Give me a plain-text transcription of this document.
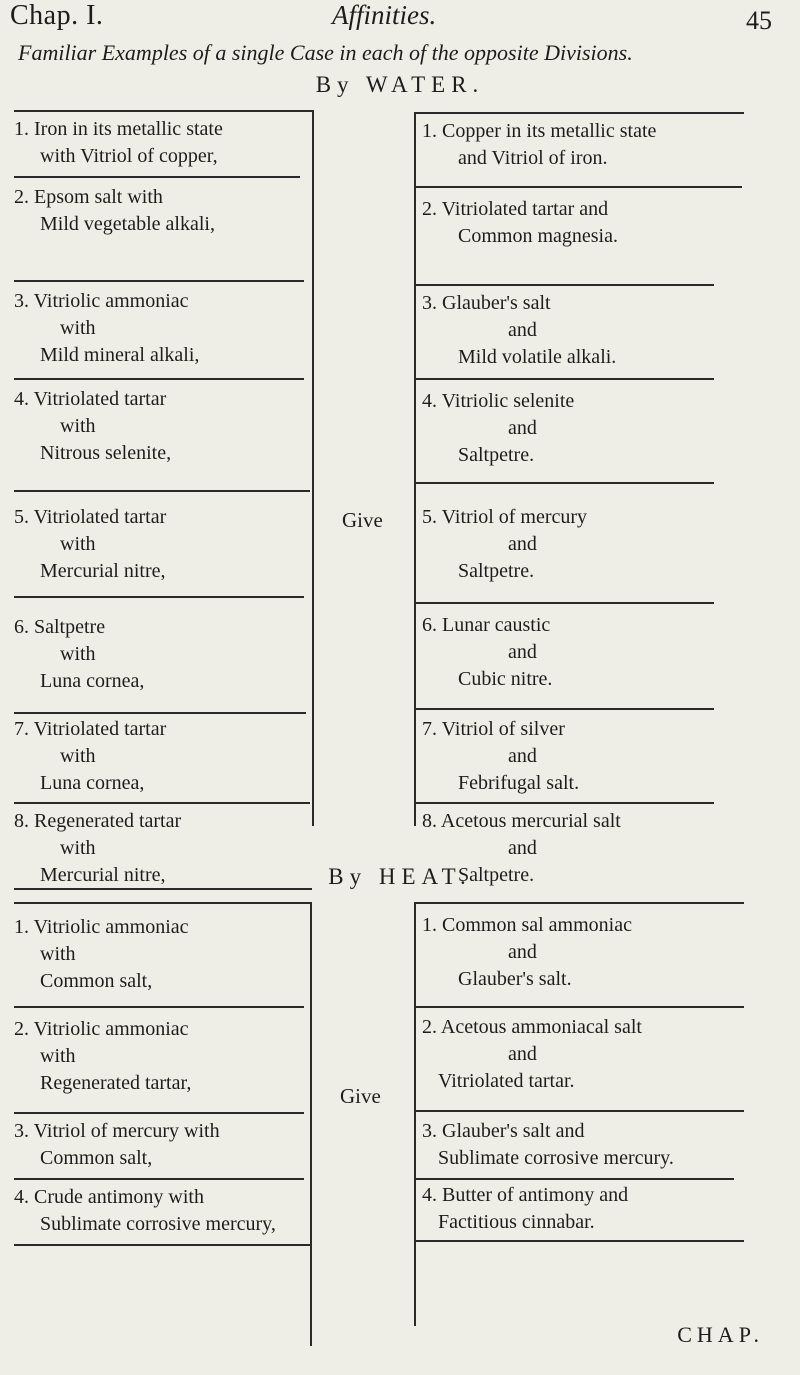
Chap. I.	Affinities.	45
Familiar Examples of a single Case in each of the opposite Divisions.
By WATER.
1. Iron in its metallic state
with Vitriol of copper,
2. Epsom salt with
Mild vegetable alkali,
3. Vitriolic ammoniac
with
Mild mineral alkali,
4. Vitriolated tartar
with
Nitrous selenite,
5. Vitriolated tartar
with
Mercurial nitre,
6. Saltpetre
with
Luna cornea,
7. Vitriolated tartar
with
Luna cornea,
8. Regenerated tartar
with
Mercurial nitre,
Give
1. Copper in its metallic state
and Vitriol of iron.
2. Vitriolated tartar and
Common magnesia.
3. Glauber's salt
and
Mild volatile alkali.
4. Vitriolic selenite
and
Saltpetre.
5. Vitriol of mercury
and
Saltpetre.
6. Lunar caustic
and
Cubic nitre.
7. Vitriol of silver
and
Febrifugal salt.
8. Acetous mercurial salt
and
Saltpetre.
By HEAT.
1. Vitriolic ammoniac
with
Common salt,
2. Vitriolic ammoniac
with
Regenerated tartar,
3. Vitriol of mercury with
Common salt,
4. Crude antimony with
Sublimate corrosive mercury,
Give
1. Common sal ammoniac
and
Glauber's salt.
2. Acetous ammoniacal salt
and
Vitriolated tartar.
3. Glauber's salt and
Sublimate corrosive mercury.
4. Butter of antimony and
Factitious cinnabar.
CHAP.
